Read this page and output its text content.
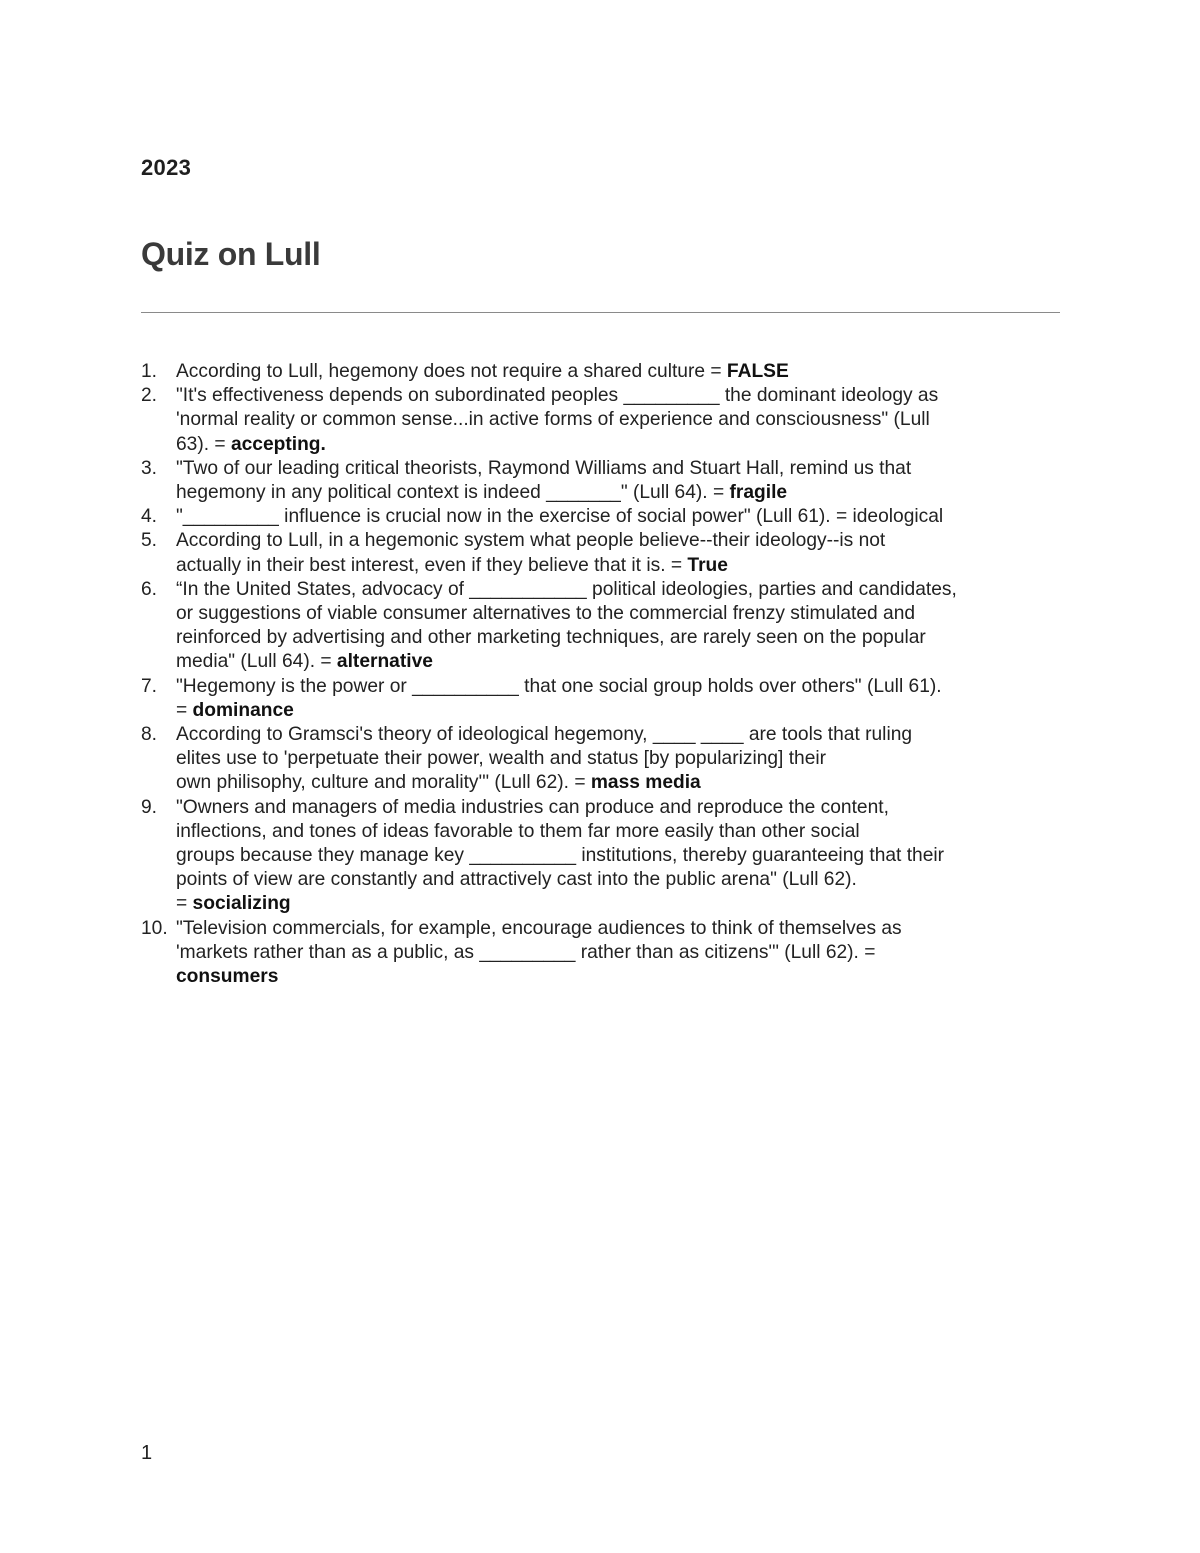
2023
Quiz on Lull
1. According to Lull, hegemony does not require a shared culture = FALSE
2. "It's effectiveness depends on subordinated peoples _________ the dominant ideology as
'normal reality or common sense...in active forms of experience and consciousness" (Lull
63). = accepting.
3. "Two of our leading critical theorists, Raymond Williams and Stuart Hall, remind us that
hegemony in any political context is indeed _______" (Lull 64). = fragile
4. "_________ influence is crucial now in the exercise of social power" (Lull 61). = ideological
5. According to Lull, in a hegemonic system what people believe--their ideology--is not
actually in their best interest, even if they believe that it is. = True
6. “In the United States, advocacy of ___________ political ideologies, parties and candidates,
or suggestions of viable consumer alternatives to the commercial frenzy stimulated and
reinforced by advertising and other marketing techniques, are rarely seen on the popular
media" (Lull 64). = alternative
7. "Hegemony is the power or __________ that one social group holds over others" (Lull 61).
= dominance
8. According to Gramsci's theory of ideological hegemony, ____ ____ are tools that ruling
elites use to 'perpetuate their power, wealth and status [by popularizing] their
own philisophy, culture and morality'" (Lull 62). = mass media
9. "Owners and managers of media industries can produce and reproduce the content,
inflections, and tones of ideas favorable to them far more easily than other social
groups because they manage key __________ institutions, thereby guaranteeing that their
points of view are constantly and attractively cast into the public arena" (Lull 62).
= socializing
10. "Television commercials, for example, encourage audiences to think of themselves as
'markets rather than as a public, as _________ rather than as citizens'" (Lull 62). =
consumers
1
